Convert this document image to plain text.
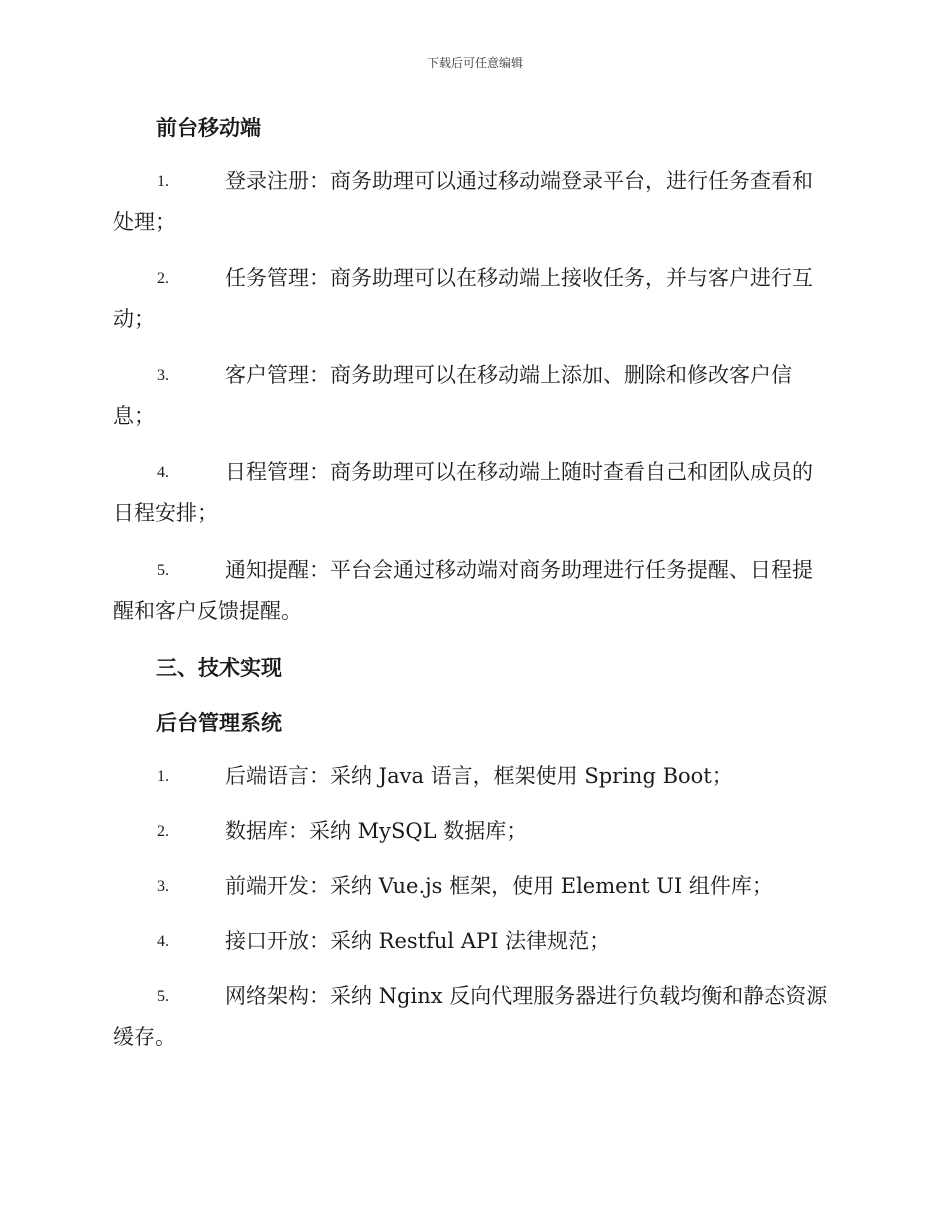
下载后可任意编辑
前台移动端
1.	登录注册：商务助理可以通过移动端登录平台，进行任务查看和
处理；
2.	任务管理：商务助理可以在移动端上接收任务，并与客户进行互
动；
3.	客户管理：商务助理可以在移动端上添加、删除和修改客户信
息；
4.	日程管理：商务助理可以在移动端上随时查看自己和团队成员的
日程安排；
5.	通知提醒：平台会通过移动端对商务助理进行任务提醒、日程提
醒和客户反馈提醒。
三、技术实现
后台管理系统
1.	后端语言：采纳 Java 语言，框架使用 Spring Boot；
2.	数据库：采纳 MySQL 数据库；
3.	前端开发：采纳 Vue.js 框架，使用 Element UI 组件库；
4.	接口开放：采纳 Restful API 法律规范；
5.	网络架构：采纳 Nginx 反向代理服务器进行负载均衡和静态资源
缓存。
